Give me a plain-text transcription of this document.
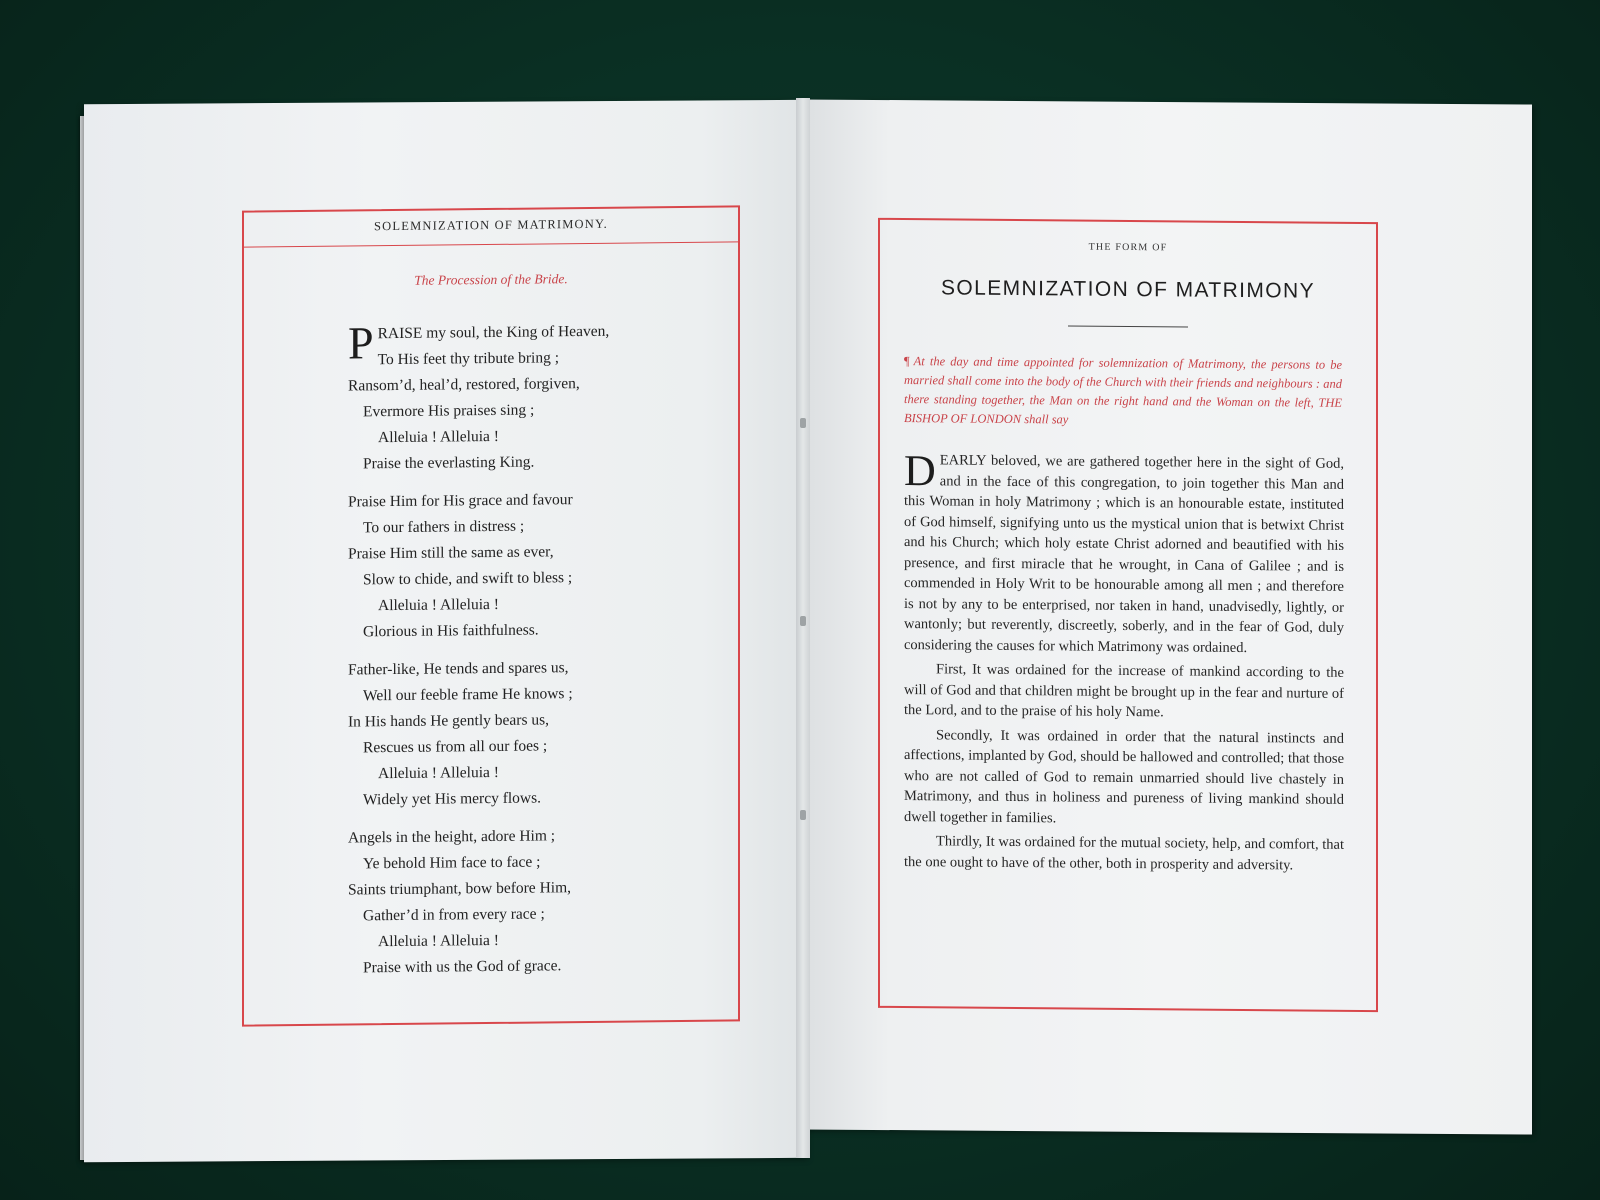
SOLEMNIZATION OF MATRIMONY.
The Procession of the Bride.
P RAISE my soul, the King of Heaven,
To His feet thy tribute bring ;
Ransom’d, heal’d, restored, forgiven,
Evermore His praises sing ;
Alleluia ! Alleluia !
Praise the everlasting King.
Praise Him for His grace and favour
To our fathers in distress ;
Praise Him still the same as ever,
Slow to chide, and swift to bless ;
Alleluia ! Alleluia !
Glorious in His faithfulness.
Father-like, He tends and spares us,
Well our feeble frame He knows ;
In His hands He gently bears us,
Rescues us from all our foes ;
Alleluia ! Alleluia !
Widely yet His mercy flows.
Angels in the height, adore Him ;
Ye behold Him face to face ;
Saints triumphant, bow before Him,
Gather’d in from every race ;
Alleluia ! Alleluia !
Praise with us the God of grace.
THE FORM OF
SOLEMNIZATION OF MATRIMONY
¶ At the day and time appointed for solemnization of Matrimony, the persons to be married shall come into the body of the Church with their friends and neighbours : and there standing together, the Man on the right hand and the Woman on the left, THE BISHOP OF LONDON shall say

DEARLY beloved, we are gathered together here in the sight of God, and in the face of this congregation, to join together this Man and this Woman in holy Matrimony ; which is an honourable estate, instituted of God himself, signifying unto us the mystical union that is betwixt Christ and his Church; which holy estate Christ adorned and beautified with his presence, and first miracle that he wrought, in Cana of Galilee ; and is commended in Holy Writ to be honourable among all men ; and therefore is not by any to be enterprised, nor taken in hand, unadvisedly, lightly, or wantonly; but reverently, discreetly, soberly, and in the fear of God, duly considering the causes for which Matrimony was ordained.

First, It was ordained for the increase of mankind according to the will of God and that children might be brought up in the fear and nurture of the Lord, and to the praise of his holy Name.

Secondly, It was ordained in order that the natural instincts and affections, implanted by God, should be hallowed and controlled; that those who are not called of God to remain unmarried should live chastely in Matrimony, and thus in holiness and pureness of living mankind should dwell together in families.

Thirdly, It was ordained for the mutual society, help, and comfort, that the one ought to have of the other, both in prosperity and adversity.
